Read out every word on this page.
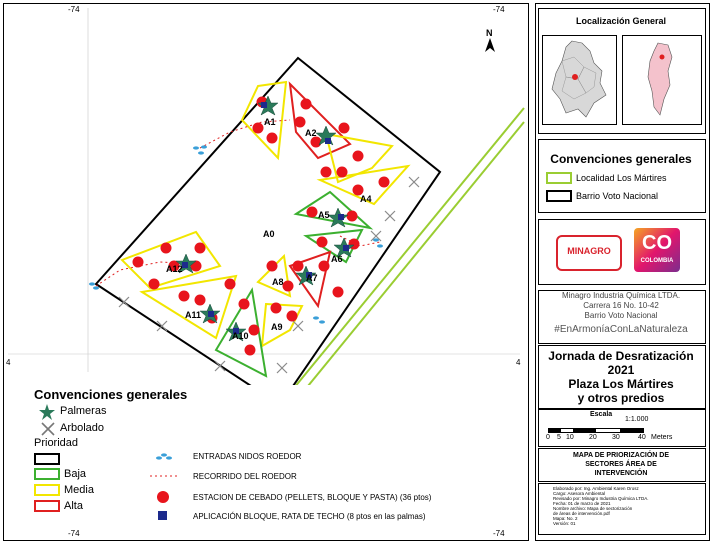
-74	-74
-74	-74
4	4
A0
A1
A2
A4
A5
A6
A7
A8
A9
A10
A11
A12
N
Convenciones generales
Palmeras
Arbolado
Prioridad
Baja
Media
Alta
ENTRADAS NIDOS ROEDOR
RECORRIDO DEL ROEDOR
ESTACION DE CEBADO (PELLETS, BLOQUE Y PASTA) (36 ptos)
APLICACIÓN BLOQUE, RATA DE TECHO (8 ptos en las palmas)
Localización General
Convenciones generales
Localidad Los Mártires
Barrio Voto Nacional
MINAGRO	CO
COLOMBIA
Minagro Industria Química LTDA.
Carrera 16 No. 10-42
Barrio Voto Nacional
#EnArmoníaConLaNaturaleza
Jornada de Desratización
2021
Plaza Los Mártires
y otros predios
Escala
1:1.000
0 5 10 20 30	40 Meters
MAPA DE PRIORIZACIÓN DE SECTORES ÁREA DE INTERVENCIÓN
Elaborado por: Ing. Ambiental Karen Orosz
Cargo: Asesora Ambiental
Revisado por: Minagro Industria Química LTDA.
Fecha: 01 de marzo de 2021
Nombre archivo: Mapa de sectorización
de áreas de intervención.pdf
Mapa: No. 2
Versión: 01
